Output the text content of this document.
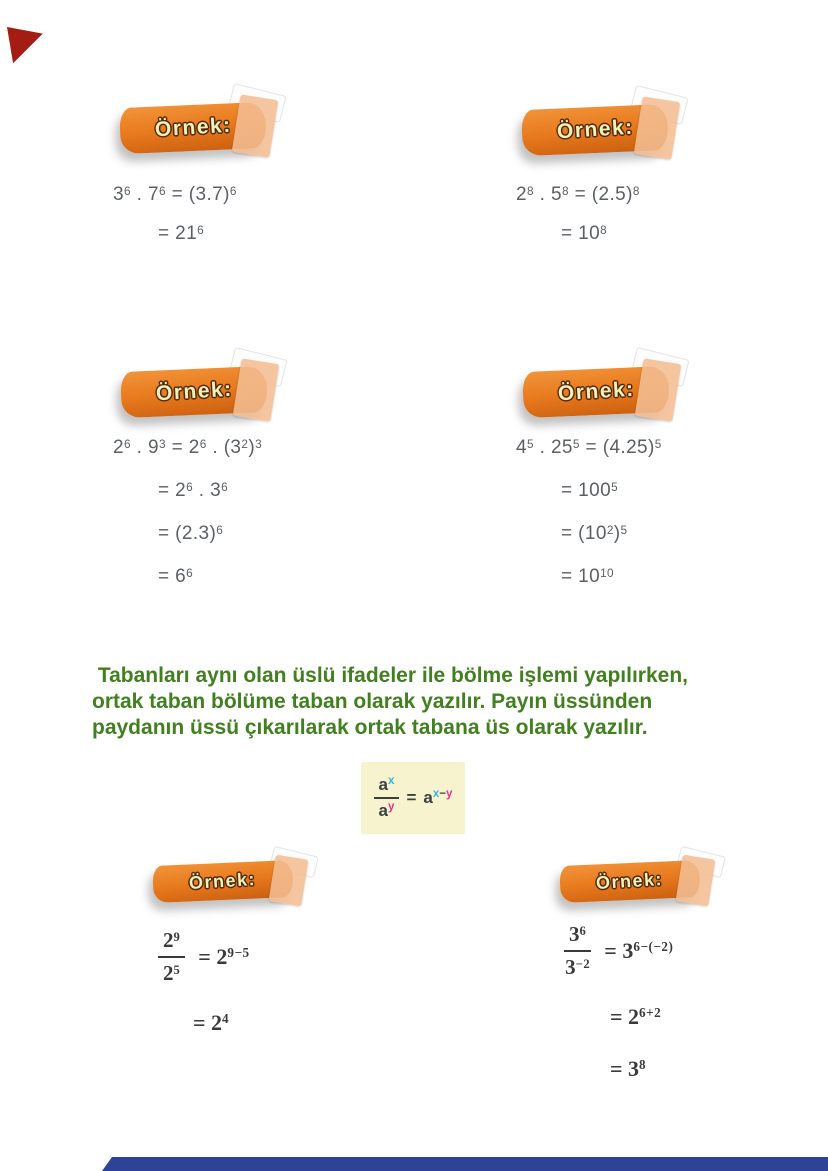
Örnek:	Örnek:
$3^6$ . $7^6 = (3.7)^6$
= $21^6$
$2^8$ . $5^8 = (2.5)^8$
= $10^8$
Örnek:	Örnek:
$2^6$ . $9^3 = 2^6$ . $(3^2)^3$
= $2^6$ . $3^6$
= $(2.3)^6$
= $6^6$
$4^5$ . $25^5 = (4.25)^5$
= $100^5$
= $(10^2)^5$
= $10^{10}$
Tabanları aynı olan üslü ifadeler ile bölme işlemi yapılırken,
ortak taban bölüme taban olarak yazılır. Payın üssünden
paydanın üssü çıkarılarak ortak tabana üs olarak yazılır.
$\frac{a^x}{a^y} = a^{x-y}$
Örnek:	Örnek:
$\frac{2^9}{2^5} = 2^{9-5}$
= $2^4$
$\frac{3^6}{3^{-2}} = 3^{6-(-2)}$
= $2^{6+2}$
= $3^8$
